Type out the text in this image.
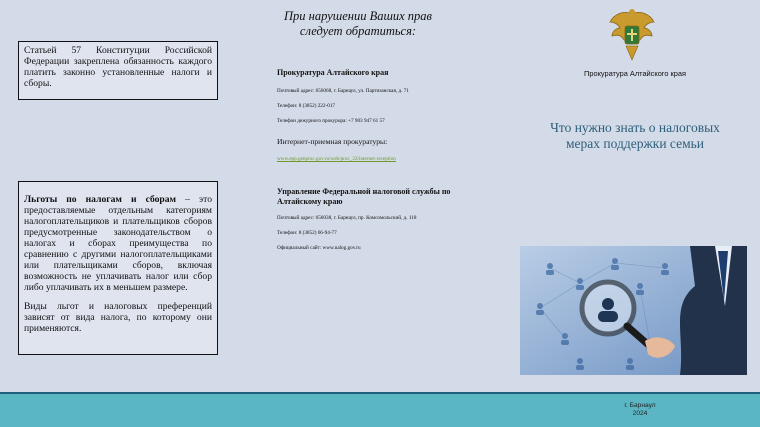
Статьей 57 Конституции Российской Федерации закреплена обязанность каждого платить законно установленные налоги и сборы.

Льготы по налогам и сборам – это предоставляемые отдельным категориям налогоплательщиков и плательщиков сборов предусмотренные законодательством о налогах и сборах преимущества по сравнению с другими налогоплательщиками или плательщиками сборов, включая возможность не уплачивать налог или сбор либо уплачивать их в меньшем размере.

Виды льгот и налоговых преференций зависят от вида налога, по которому они применяются.

При нарушении Ваших прав
следует обратиться:
Прокуратура Алтайского края
Почтовый адрес: 656068, г. Барнаул, ул. Партизанская, д. 71
Телефон: 8 (3852) 222-017
Телефон дежурного прокурора: +7 903 947 61 57
Интернет-приемная прокуратуры:
www.epp.genproc.gov.ru/web/proc_22/internet-reception
Управление Федеральной налоговой службы по
Алтайскому краю
Почтовый адрес: 656038, г. Барнаул, пр. Комсомольский, д. 118
Телефон: 8 (3852) 66-94-77
Официальный сайт: www.nalog.gov.ru
Прокуратура Алтайского края
Что нужно знать о налоговых
мерах поддержки семьи
г. Барнаул
2024
